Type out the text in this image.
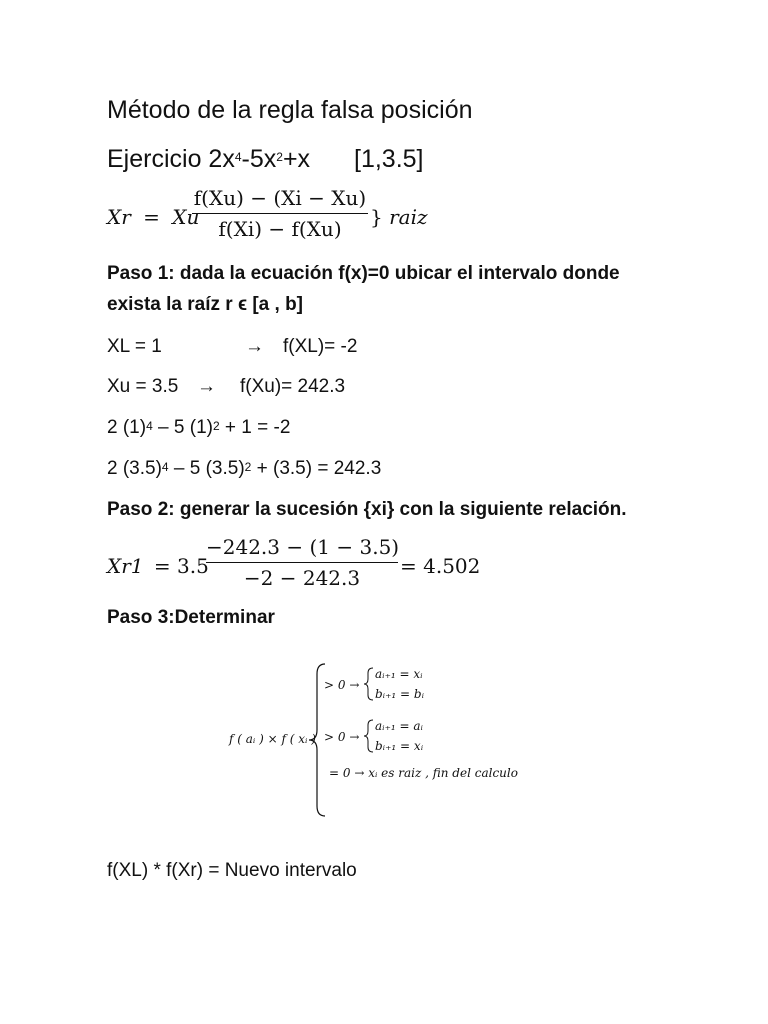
Método de la regla falsa posición
Ejercicio $2x^4-5x^2+x$ [1,3.5]
Xr = Xu
f(Xu) − (Xi − Xu)
f(Xi) − f(Xu)	} raiz
Paso 1: dada la ecuación f(x)=0 ubicar el intervalo donde
exista la raíz r ϵ [a , b]
XL = 1	→ f(XL)= -2
Xu = 3.5 → f(Xu)= 242.3
2 $(1)^4 - 5$ $(1)^2 + 1 = -2$
2 $(3.5)^4 - 5$ $(3.5)^2 + (3.5) = 242.3$
Paso 2: generar la sucesión {xi} con la siguiente relación.
Xr1 = 3.5
−242.3 − (1 − 3.5)
−2 − 242.3	= 4.502
Paso 3:Determinar
f ( aᵢ ) × f ( xᵢ )
> 0 →
aᵢ₊₁ = xᵢ
bᵢ₊₁ = bᵢ
> 0 →
aᵢ₊₁ = aᵢ
bᵢ₊₁ = xᵢ
= 0 → xᵢ es raiz , fin del calculo
f(XL) * f(Xr) = Nuevo intervalo
